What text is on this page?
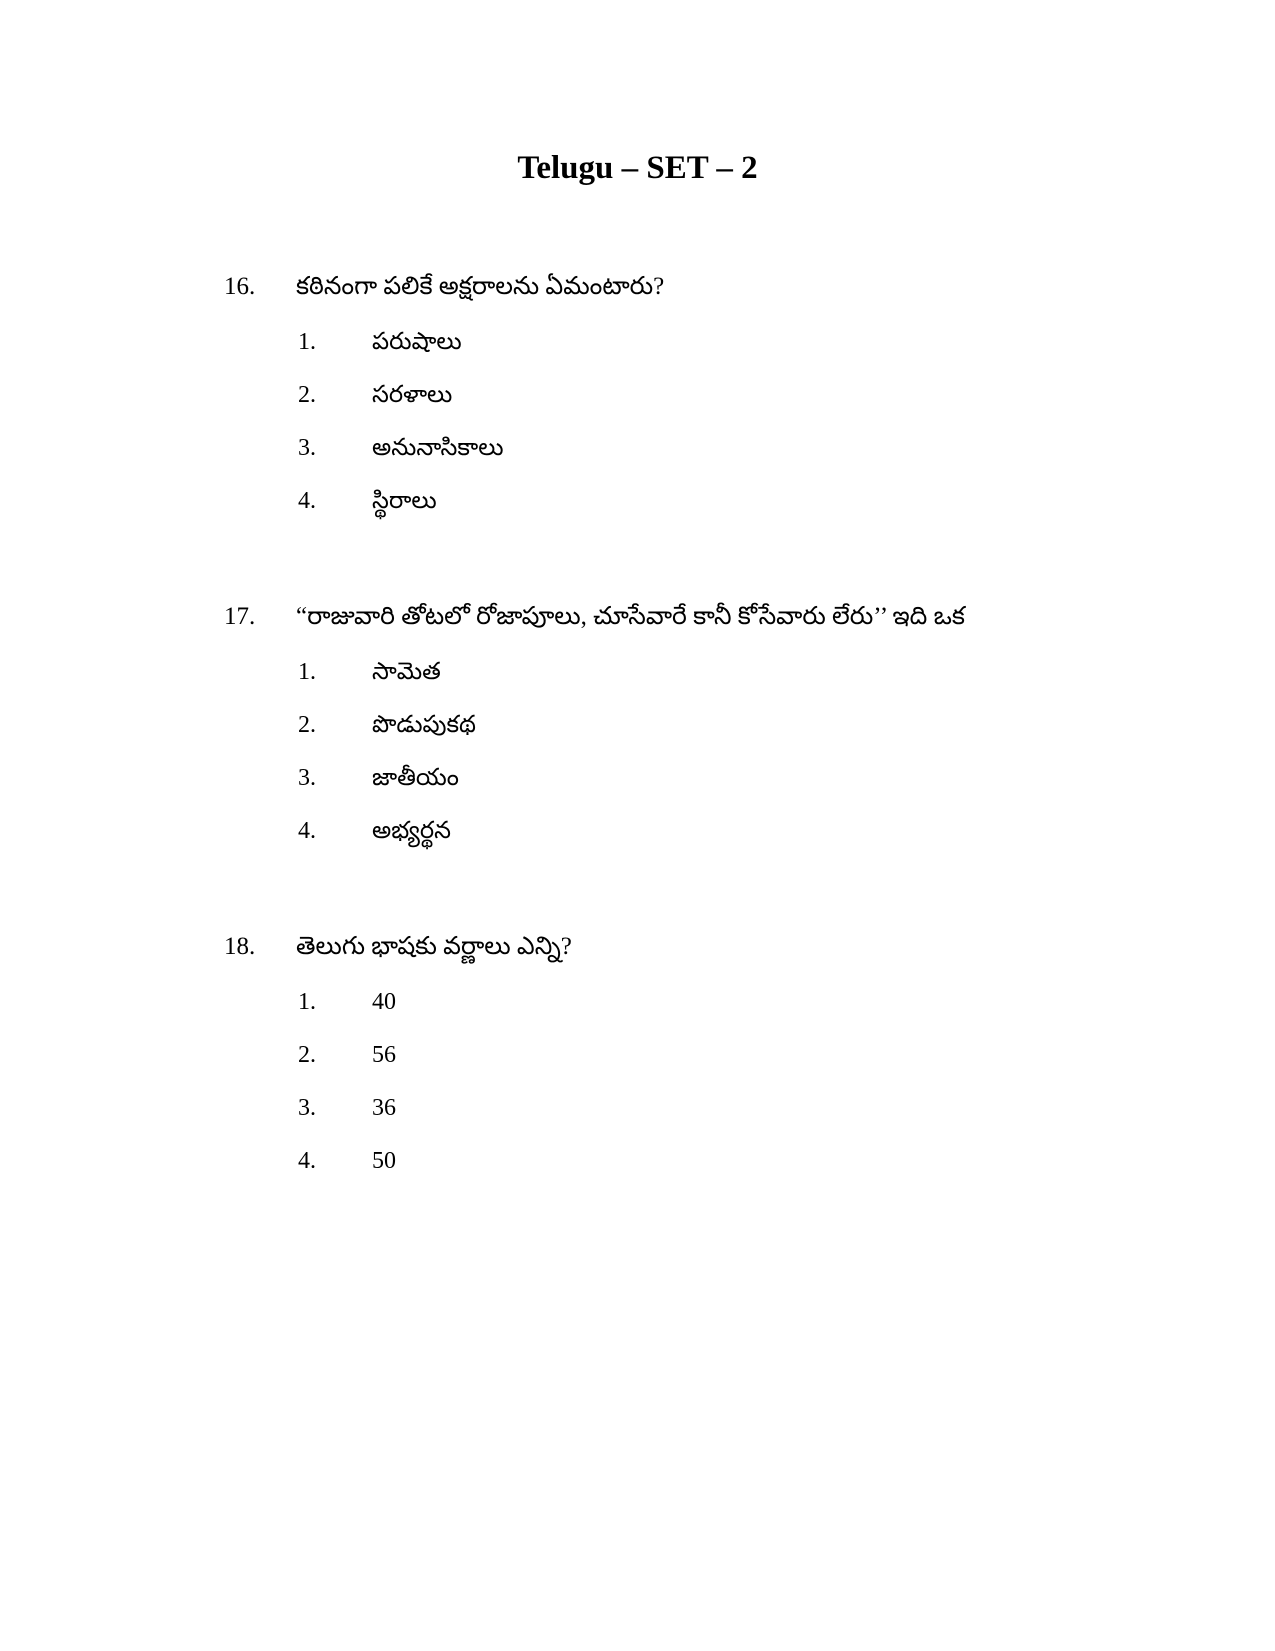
Telugu – SET – 2
16.	కఠినంగా పలికే అక్షరాలను ఏమంటారు?
1.	పరుషాలు
2.	సరళాలు
3.	అనునాసికాలు
4.	స్థిరాలు
17.	“రాజువారి తోటలో రోజాపూలు, చూసేవారే కానీ కోసేవారు లేరు’’ ఇది ఒక
1.	సామెత
2.	పొడుపుకథ
3.	జాతీయం
4.	అభ్యర్థన
18.	తెలుగు భాషకు వర్ణాలు ఎన్ని?
1.	40
2.	56
3.	36
4.	50
